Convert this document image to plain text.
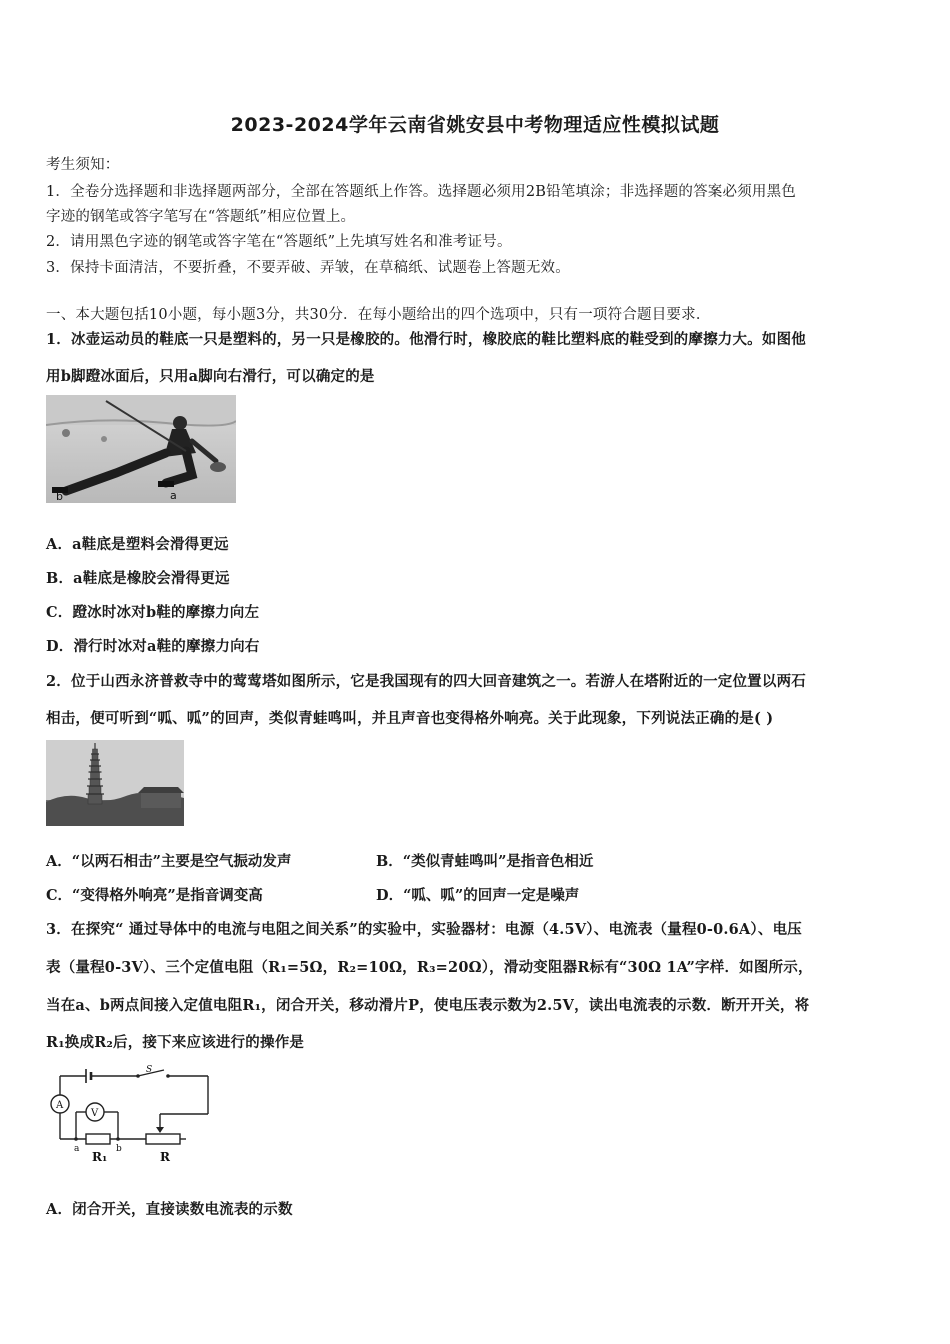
2023-2024学年云南省姚安县中考物理适应性模拟试题
考生须知：
1．全卷分选择题和非选择题两部分，全部在答题纸上作答。选择题必须用2B铅笔填涂；非选择题的答案必须用黑色
字迹的钢笔或答字笔写在“答题纸”相应位置上。
2．请用黑色字迹的钢笔或答字笔在“答题纸”上先填写姓名和准考证号。
3．保持卡面清洁，不要折叠，不要弄破、弄皱，在草稿纸、试题卷上答题无效。
一、本大题包括10小题，每小题3分，共30分．在每小题给出的四个选项中，只有一项符合题目要求．
1．冰壶运动员的鞋底一只是塑料的，另一只是橡胶的。他滑行时，橡胶底的鞋比塑料底的鞋受到的摩擦力大。如图他
用b脚蹬冰面后，只用a脚向右滑行，可以确定的是
b	a
A．a鞋底是塑料会滑得更远
B．a鞋底是橡胶会滑得更远
C．蹬冰时冰对b鞋的摩擦力向左
D．滑行时冰对a鞋的摩擦力向右
2．位于山西永济普救寺中的莺莺塔如图所示，它是我国现有的四大回音建筑之一。若游人在塔附近的一定位置以两石
相击，便可听到“呱、呱”的回声，类似青蛙鸣叫，并且声音也变得格外响亮。关于此现象，下列说法正确的是( )
A．“以两石相击”主要是空气振动发声	B．“类似青蛙鸣叫”是指音色相近
C．“变得格外响亮”是指音调变高	D．“呱、呱”的回声一定是噪声
3．在探究“ 通过导体中的电流与电阻之间关系”的实验中，实验器材：电源（4.5V）、电流表（量程0-0.6A）、电压
表（量程0-3V）、三个定值电阻（R₁=5Ω，R₂=10Ω，R₃=20Ω），滑动变阻器R标有“30Ω 1A”字样．如图所示，
当在a、b两点间接入定值电阻R₁，闭合开关，移动滑片P，使电压表示数为2.5V，读出电流表的示数．断开开关，将
R₁换成R₂后，接下来应该进行的操作是
A
V
S
a	b
R₁	R
A．闭合开关，直接读数电流表的示数
